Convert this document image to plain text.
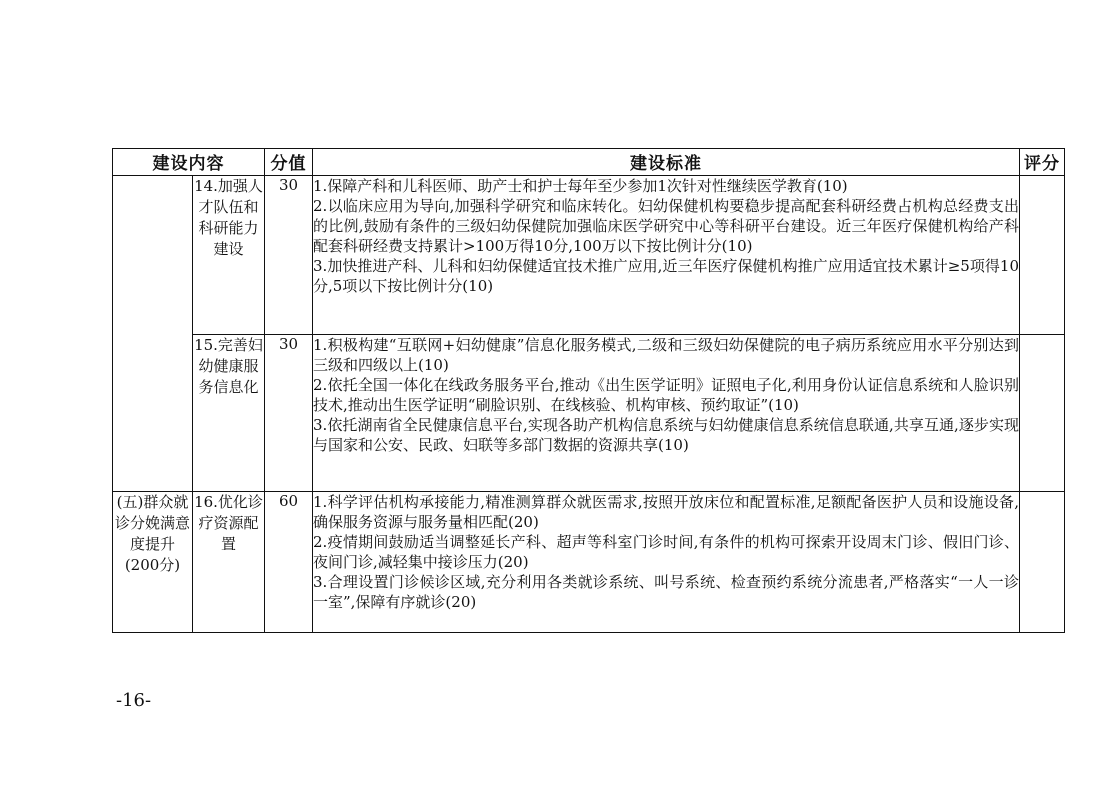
建设内容		分值	建设标准	评分
	14.加强人才队伍和科研能力建设	30	1.保障产科和儿科医师、助产士和护士每年至少参加1次针对性继续医学教育(10)

2.以临床应用为导向,加强科学研究和临床转化。妇幼保健机构要稳步提高配套科研经费占机构总经费支出的比例,鼓励有条件的三级妇幼保健院加强临床医学研究中心等科研平台建设。近三年医疗保健机构给产科配套科研经费支持累计>100万得10分,100万以下按比例计分(10)

3.加快推进产科、儿科和妇幼保健适宜技术推广应用,近三年医疗保健机构推广应用适宜技术累计≥5项得10分,5项以下按比例计分(10)	

	15.完善妇幼健康服务信息化	30	1.积极构建“互联网+妇幼健康”信息化服务模式,二级和三级妇幼保健院的电子病历系统应用水平分别达到三级和四级以上(10)

2.依托全国一体化在线政务服务平台,推动《出生医学证明》证照电子化,利用身份认证信息系统和人脸识别技术,推动出生医学证明“刷脸识别、在线核验、机构审核、预约取证”(10)

3.依托湖南省全民健康信息平台,实现各助产机构信息系统与妇幼健康信息系统信息联通,共享互通,逐步实现与国家和公安、民政、妇联等多部门数据的资源共享(10)	

(五)群众就诊分娩满意度提升(200分)	16.优化诊疗资源配置	60	1.科学评估机构承接能力,精准测算群众就医需求,按照开放床位和配置标准,足额配备医护人员和设施设备,确保服务资源与服务量相匹配(20)

2.疫情期间鼓励适当调整延长产科、超声等科室门诊时间,有条件的机构可探索开设周末门诊、假旧门诊、夜间门诊,减轻集中接诊压力(20)

3.合理设置门诊候诊区域,充分利用各类就诊系统、叫号系统、检查预约系统分流患者,严格落实“一人一诊一室”,保障有序就诊(20)	

-16-
